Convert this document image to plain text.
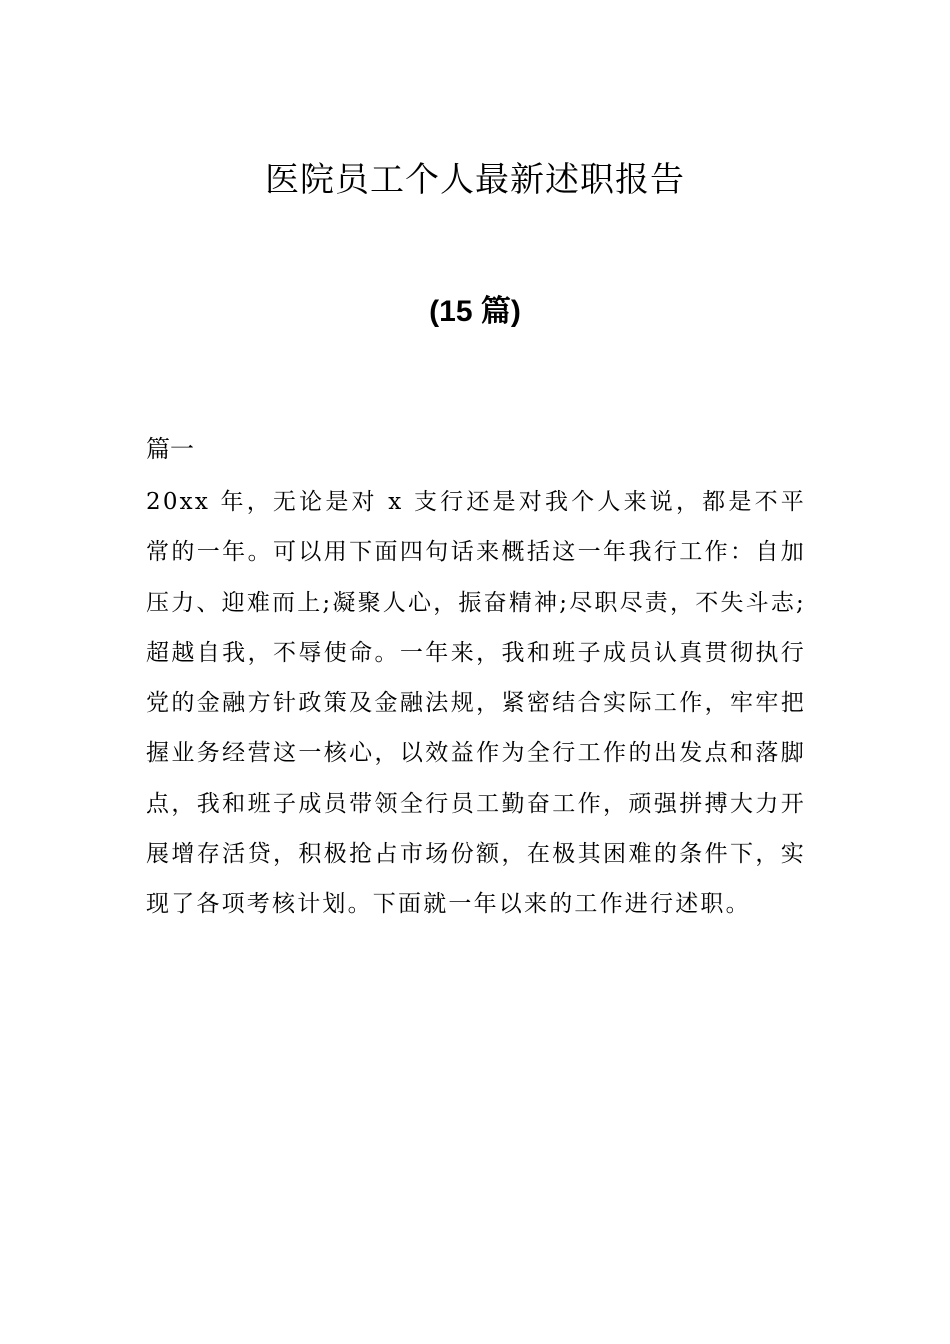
医院员工个人最新述职报告
(15 篇)
篇一

20xx 年，无论是对 x 支行还是对我个人来说，都是不平常的一年。可以用下面四句话来概括这一年我行工作：自加压力、迎难而上;凝聚人心，振奋精神;尽职尽责，不失斗志;超越自我，不辱使命。一年来，我和班子成员认真贯彻执行党的金融方针政策及金融法规，紧密结合实际工作，牢牢把握业务经营这一核心，以效益作为全行工作的出发点和落脚点，我和班子成员带领全行员工勤奋工作，顽强拼搏大力开展增存活贷，积极抢占市场份额，在极其困难的条件下，实现了各项考核计划。下面就一年以来的工作进行述职。
